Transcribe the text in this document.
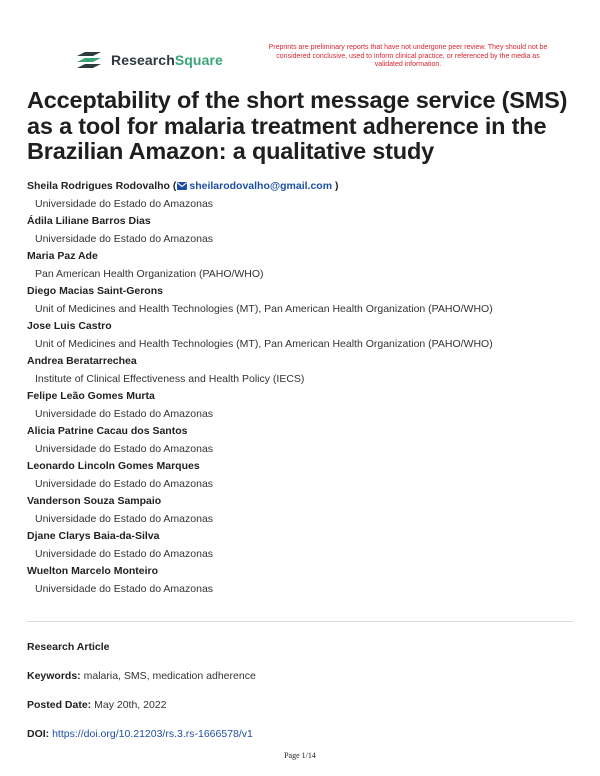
ResearchSquare
Preprints are preliminary reports that have not undergone peer review. They should not be considered conclusive, used to inform clinical practice, or referenced by the media as validated information.
Acceptability of the short message service (SMS) as a tool for malaria treatment adherence in the Brazilian Amazon: a qualitative study
Sheila Rodrigues Rodovalho ( sheilarodovalho@gmail.com )
Universidade do Estado do Amazonas
Ádila Liliane Barros Dias
Universidade do Estado do Amazonas
Maria Paz Ade
Pan American Health Organization (PAHO/WHO)
Diego Macias Saint-Gerons
Unit of Medicines and Health Technologies (MT), Pan American Health Organization (PAHO/WHO)
Jose Luis Castro
Unit of Medicines and Health Technologies (MT), Pan American Health Organization (PAHO/WHO)
Andrea Beratarrechea
Institute of Clinical Effectiveness and Health Policy (IECS)
Felipe Leão Gomes Murta
Universidade do Estado do Amazonas
Alicia Patrine Cacau dos Santos
Universidade do Estado do Amazonas
Leonardo Lincoln Gomes Marques
Universidade do Estado do Amazonas
Vanderson Souza Sampaio
Universidade do Estado do Amazonas
Djane Clarys Baia-da-Silva
Universidade do Estado do Amazonas
Wuelton Marcelo Monteiro
Universidade do Estado do Amazonas
Research Article
Keywords: malaria, SMS, medication adherence
Posted Date: May 20th, 2022
DOI: https://doi.org/10.21203/rs.3.rs-1666578/v1
Page 1/14
